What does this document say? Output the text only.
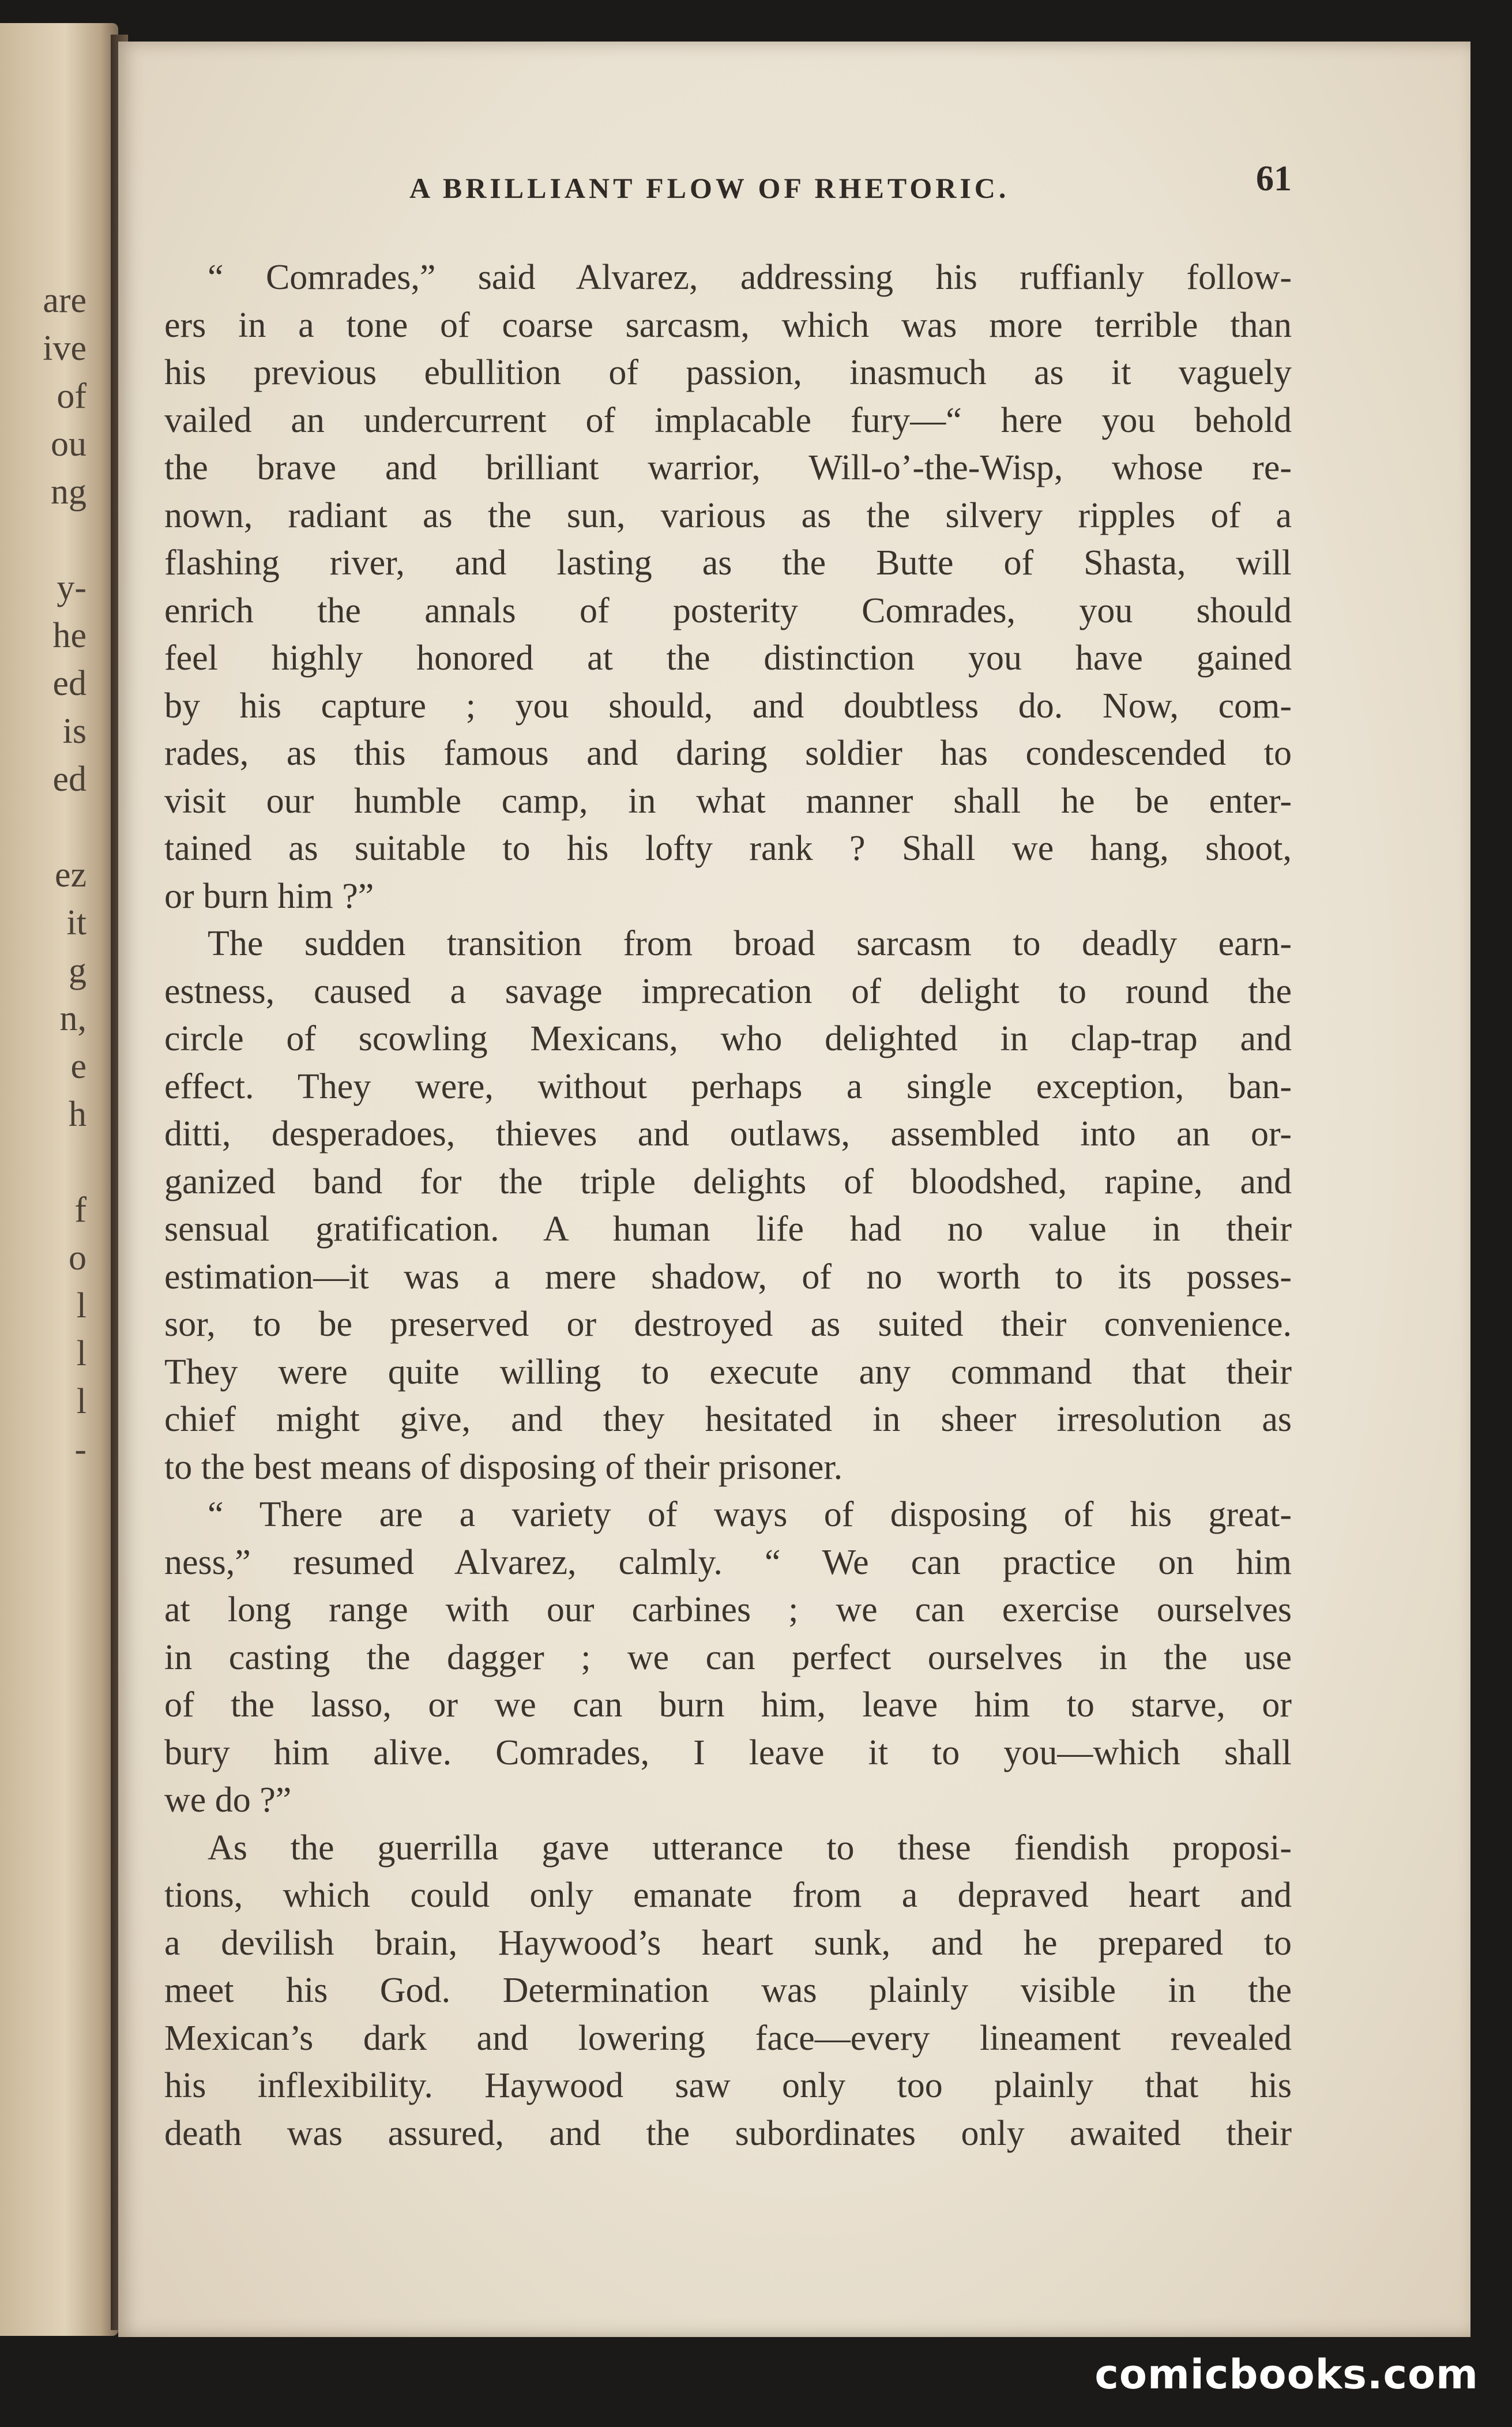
are
ive
of
ou
ng
y-
he
ed
is
ed
ez
it
g
n,
e
h
f
o
l
l
l
-
A BRILLIANT FLOW OF RHETORIC.	61
“ Comrades,” said Alvarez, addressing his ruffianly follow-
ers in a tone of coarse sarcasm, which was more terrible than
his previous ebullition of passion, inasmuch as it vaguely
vailed an undercurrent of implacable fury—“ here you behold
the brave and brilliant warrior, Will-o’-the-Wisp, whose re-
nown, radiant as the sun, various as the silvery ripples of a
flashing river, and lasting as the Butte of Shasta, will
enrich the annals of posterity Comrades, you should
feel highly honored at the distinction you have gained
by his capture ; you should, and doubtless do. Now, com-
rades, as this famous and daring soldier has condescended to
visit our humble camp, in what manner shall he be enter-
tained as suitable to his lofty rank ? Shall we hang, shoot,
or burn him ?”
The sudden transition from broad sarcasm to deadly earn-
estness, caused a savage imprecation of delight to round the
circle of scowling Mexicans, who delighted in clap-trap and
effect. They were, without perhaps a single exception, ban-
ditti, desperadoes, thieves and outlaws, assembled into an or-
ganized band for the triple delights of bloodshed, rapine, and
sensual gratification. A human life had no value in their
estimation—it was a mere shadow, of no worth to its posses-
sor, to be preserved or destroyed as suited their convenience.
They were quite willing to execute any command that their
chief might give, and they hesitated in sheer irresolution as
to the best means of disposing of their prisoner.
“ There are a variety of ways of disposing of his great-
ness,” resumed Alvarez, calmly. “ We can practice on him
at long range with our carbines ; we can exercise ourselves
in casting the dagger ; we can perfect ourselves in the use
of the lasso, or we can burn him, leave him to starve, or
bury him alive. Comrades, I leave it to you—which shall
we do ?”
As the guerrilla gave utterance to these fiendish proposi-
tions, which could only emanate from a depraved heart and
a devilish brain, Haywood’s heart sunk, and he prepared to
meet his God. Determination was plainly visible in the
Mexican’s dark and lowering face—every lineament revealed
his inflexibility. Haywood saw only too plainly that his
death was assured, and the subordinates only awaited their
comicbooks.com
